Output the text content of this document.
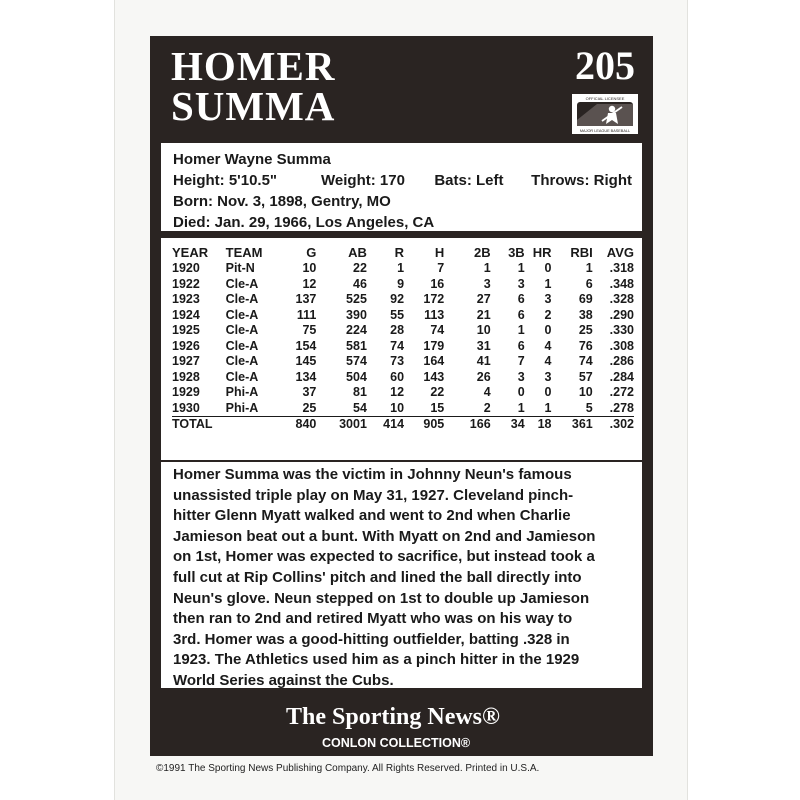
HOMER
SUMMA
205
OFFICIAL LICENSEE
MAJOR LEAGUE BASEBALL
Homer Wayne Summa
Height: 5'10.5"	Weight: 170	Bats: Left	Throws: Right
Born: Nov. 3, 1898, Gentry, MO
Died: Jan. 29, 1966, Los Angeles, CA
YEAR	TEAM	G	AB	R	H	2B	3B	HR	RBI	AVG
1920	Pit-N	10	22	1	7	1	1	0	1	.318
1922	Cle-A	12	46	9	16	3	3	1	6	.348
1923	Cle-A	137	525	92	172	27	6	3	69	.328
1924	Cle-A	111	390	55	113	21	6	2	38	.290
1925	Cle-A	75	224	28	74	10	1	0	25	.330
1926	Cle-A	154	581	74	179	31	6	4	76	.308
1927	Cle-A	145	574	73	164	41	7	4	74	.286
1928	Cle-A	134	504	60	143	26	3	3	57	.284
1929	Phi-A	37	81	12	22	4	0	0	10	.272
1930	Phi-A	25	54	10	15	2	1	1	5	.278
TOTAL		840	3001	414	905	166	34	18	361	.302
Homer Summa was the victim in Johnny Neun's famous
unassisted triple play on May 31, 1927. Cleveland pinch-
hitter Glenn Myatt walked and went to 2nd when Charlie
Jamieson beat out a bunt. With Myatt on 2nd and Jamieson
on 1st, Homer was expected to sacrifice, but instead took a
full cut at Rip Collins' pitch and lined the ball directly into
Neun's glove. Neun stepped on 1st to double up Jamieson
then ran to 2nd and retired Myatt who was on his way to
3rd. Homer was a good-hitting outfielder, batting .328 in
1923. The Athletics used him as a pinch hitter in the 1929
World Series against the Cubs.
The Sporting News®
CONLON COLLECTION®
©1991 The Sporting News Publishing Company. All Rights Reserved. Printed in U.S.A.
